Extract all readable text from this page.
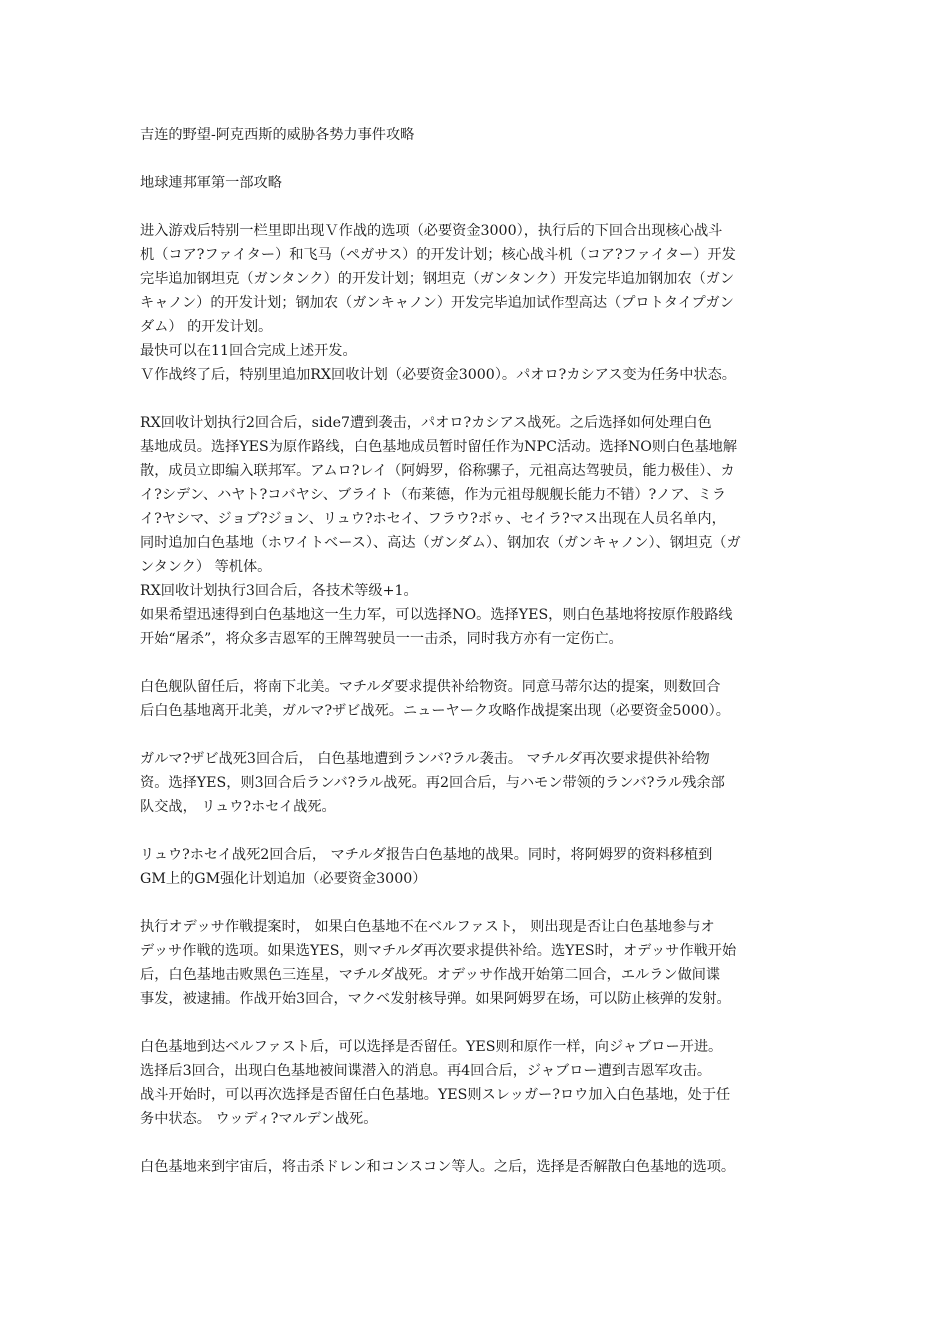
吉连的野望-阿克西斯的威胁各势力事件攻略
地球連邦軍第一部攻略
进入游戏后特别一栏里即出现Ｖ作战的选项（必要资金3000），执行后的下回合出现核心战斗
机（コア?ファイター）和飞马（ペガサス）的开发计划；核心战斗机（コア?ファイター）开发
完毕追加钢坦克（ガンタンク）的开发计划；钢坦克（ガンタンク）开发完毕追加钢加农（ガン
キャノン）的开发计划；钢加农（ガンキャノン）开发完毕追加试作型高达（プロトタイプガン
ダム） 的开发计划。
最快可以在11回合完成上述开发。
Ｖ作战终了后，特别里追加RX回收计划（必要资金3000）。パオロ?カシアス变为任务中状态。
RX回收计划执行2回合后，side7遭到袭击，パオロ?カシアス战死。之后选择如何处理白色
基地成员。选择YES为原作路线，白色基地成员暂时留任作为NPC活动。选择NO则白色基地解
散，成员立即编入联邦军。アムロ?レイ（阿姆罗，俗称骡子，元祖高达驾驶员，能力极佳）、カ
イ?シデン、ハヤト?コバヤシ、ブライト（布莱德，作为元祖母舰舰长能力不错）?ノア、ミラ
イ?ヤシマ、ジョブ?ジョン、リュウ?ホセイ、フラウ?ボゥ、セイラ?マス出现在人员名单内，
同时追加白色基地（ホワイトベース）、高达（ガンダム）、钢加农（ガンキャノン）、钢坦克（ガ
ンタンク） 等机体。
RX回收计划执行3回合后，各技术等级+1。
如果希望迅速得到白色基地这一生力军，可以选择NO。选择YES，则白色基地将按原作般路线
开始“屠杀”，将众多吉恩军的王牌驾驶员一一击杀，同时我方亦有一定伤亡。
白色舰队留任后，将南下北美。マチルダ要求提供补给物资。同意马蒂尔达的提案，则数回合
后白色基地离开北美，ガルマ?ザビ战死。ニューヤーク攻略作战提案出现（必要资金5000）。
ガルマ?ザビ战死3回合后， 白色基地遭到ランバ?ラル袭击。 マチルダ再次要求提供补给物
资。选择YES，则3回合后ランバ?ラル战死。再2回合后，与ハモン带领的ランバ?ラル残余部
队交战， リュウ?ホセイ战死。
リュウ?ホセイ战死2回合后， マチルダ报告白色基地的战果。同时，将阿姆罗的资料移植到
GM上的GM强化计划追加（必要资金3000）
执行オデッサ作戦提案时， 如果白色基地不在ベルファスト， 则出现是否让白色基地参与オ
デッサ作戦的选项。如果选YES，则マチルダ再次要求提供补给。选YES时，オデッサ作戦开始
后，白色基地击败黑色三连星，マチルダ战死。オデッサ作战开始第二回合，エルラン做间谍
事发，被逮捕。作战开始3回合，マクベ发射核导弹。如果阿姆罗在场，可以防止核弹的发射。
白色基地到达ベルファスト后，可以选择是否留任。YES则和原作一样，向ジャブロー开进。
选择后3回合，出现白色基地被间谍潜入的消息。再4回合后，ジャブロー遭到吉恩军攻击。
战斗开始时，可以再次选择是否留任白色基地。YES则スレッガー?ロウ加入白色基地，处于任
务中状态。 ウッディ?マルデン战死。
白色基地来到宇宙后，将击杀ドレン和コンスコン等人。之后，选择是否解散白色基地的选项。
